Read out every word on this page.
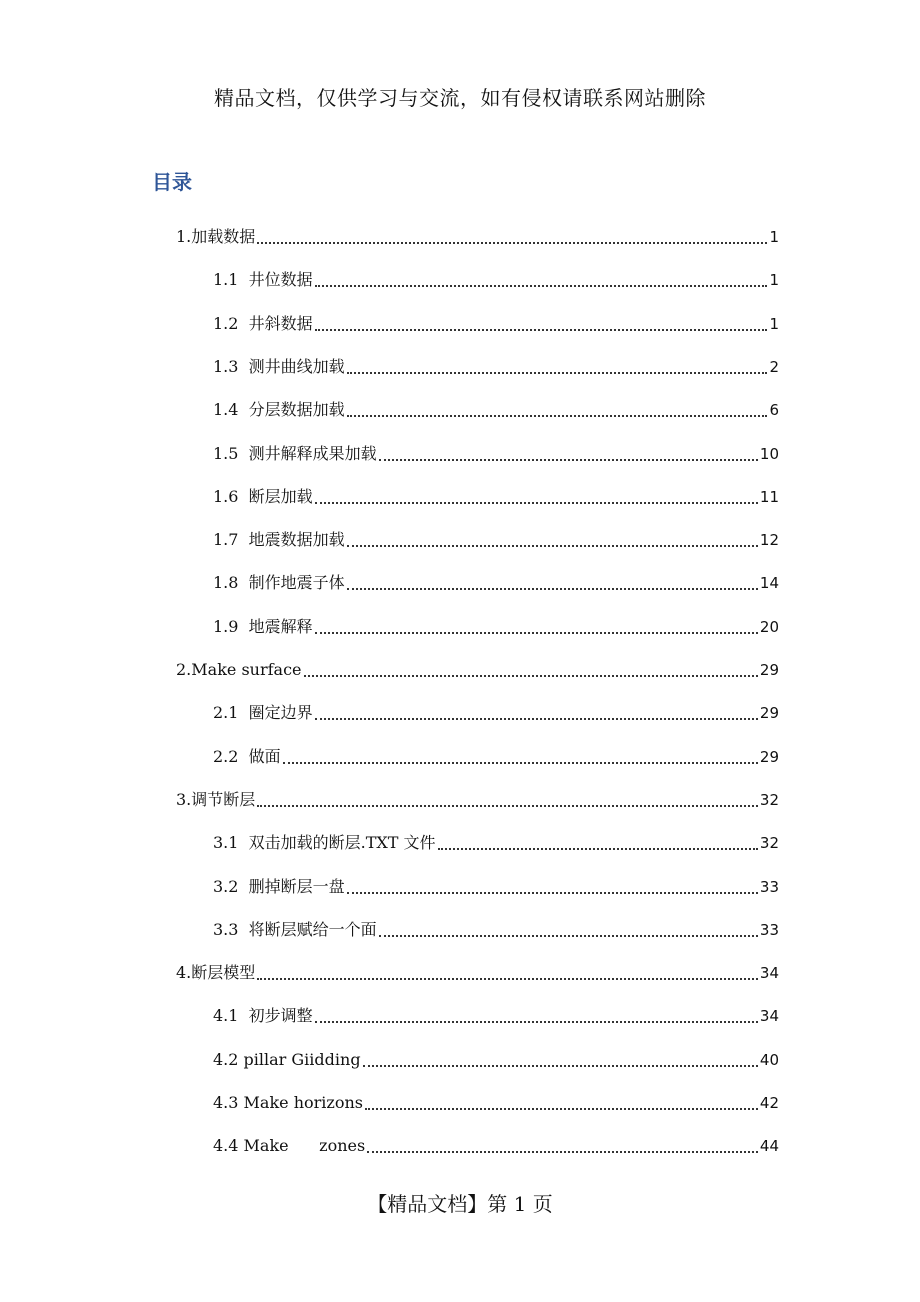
精品文档，仅供学习与交流，如有侵权请联系网站删除
目录
1.加载数据	1
1.1  井位数据	1
1.2  井斜数据	1
1.3  测井曲线加载	2
1.4  分层数据加载	6
1.5  测井解释成果加载	10
1.6  断层加载	11
1.7  地震数据加载	12
1.8  制作地震子体	14
1.9  地震解释	20
2.Make surface	29
2.1  圈定边界	29
2.2  做面	29
3.调节断层	32
3.1  双击加载的断层.TXT 文件	32
3.2  删掉断层一盘	33
3.3  将断层赋给一个面	33
4.断层模型	34
4.1  初步调整	34
4.2 pillar Giidding	40
4.3 Make horizons	42
4.4 Make      zones	44
【精品文档】第 1 页
